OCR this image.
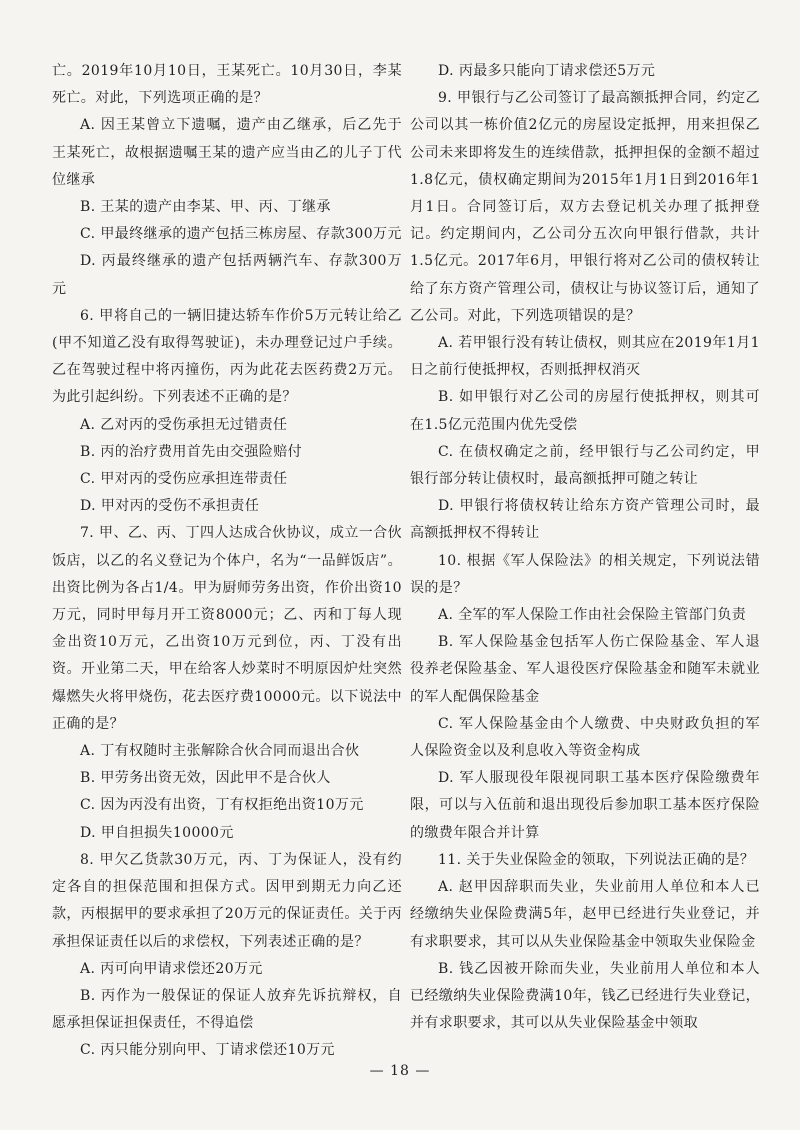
亡。2019年10月10日，王某死亡。10月30日，李某死亡。对此，下列选项正确的是？

A. 因王某曾立下遗嘱，遗产由乙继承，后乙先于王某死亡，故根据遗嘱王某的遗产应当由乙的儿子丁代位继承

B. 王某的遗产由李某、甲、丙、丁继承

C. 甲最终继承的遗产包括三栋房屋、存款300万元

D. 丙最终继承的遗产包括两辆汽车、存款300万元

6. 甲将自己的一辆旧捷达轿车作价5万元转让给乙(甲不知道乙没有取得驾驶证)，未办理登记过户手续。乙在驾驶过程中将丙撞伤，丙为此花去医药费2万元。为此引起纠纷。下列表述不正确的是？

A. 乙对丙的受伤承担无过错责任

B. 丙的治疗费用首先由交强险赔付

C. 甲对丙的受伤应承担连带责任

D. 甲对丙的受伤不承担责任

7. 甲、乙、丙、丁四人达成合伙协议，成立一合伙饭店，以乙的名义登记为个体户，名为“一品鲜饭店”。出资比例为各占1/4。甲为厨师劳务出资，作价出资10万元，同时甲每月开工资8000元；乙、丙和丁每人现金出资10万元，乙出资10万元到位，丙、丁没有出资。开业第二天，甲在给客人炒菜时不明原因炉灶突然爆燃失火将甲烧伤，花去医疗费10000元。以下说法中正确的是？

A. 丁有权随时主张解除合伙合同而退出合伙

B. 甲劳务出资无效，因此甲不是合伙人

C. 因为丙没有出资，丁有权拒绝出资10万元

D. 甲自担损失10000元

8. 甲欠乙货款30万元，丙、丁为保证人，没有约定各自的担保范围和担保方式。因甲到期无力向乙还款，丙根据甲的要求承担了20万元的保证责任。关于丙承担保证责任以后的求偿权，下列表述正确的是？

A. 丙可向甲请求偿还20万元

B. 丙作为一般保证的保证人放弃先诉抗辩权，自愿承担保证担保责任，不得追偿

C. 丙只能分别向甲、丁请求偿还10万元

D. 丙最多只能向丁请求偿还5万元

9. 甲银行与乙公司签订了最高额抵押合同，约定乙公司以其一栋价值2亿元的房屋设定抵押，用来担保乙公司未来即将发生的连续借款，抵押担保的金额不超过1.8亿元，债权确定期间为2015年1月1日到2016年1月1日。合同签订后，双方去登记机关办理了抵押登记。约定期间内，乙公司分五次向甲银行借款，共计1.5亿元。2017年6月，甲银行将对乙公司的债权转让给了东方资产管理公司，债权让与协议签订后，通知了乙公司。对此，下列选项错误的是？

A. 若甲银行没有转让债权，则其应在2019年1月1日之前行使抵押权，否则抵押权消灭

B. 如甲银行对乙公司的房屋行使抵押权，则其可在1.5亿元范围内优先受偿

C. 在债权确定之前，经甲银行与乙公司约定，甲银行部分转让债权时，最高额抵押可随之转让

D. 甲银行将债权转让给东方资产管理公司时，最高额抵押权不得转让

10. 根据《军人保险法》的相关规定，下列说法错误的是？

A. 全军的军人保险工作由社会保险主管部门负责

B. 军人保险基金包括军人伤亡保险基金、军人退役养老保险基金、军人退役医疗保险基金和随军未就业的军人配偶保险基金

C. 军人保险基金由个人缴费、中央财政负担的军人保险资金以及利息收入等资金构成

D. 军人服现役年限视同职工基本医疗保险缴费年限，可以与入伍前和退出现役后参加职工基本医疗保险的缴费年限合并计算

11. 关于失业保险金的领取，下列说法正确的是？

A. 赵甲因辞职而失业，失业前用人单位和本人已经缴纳失业保险费满5年，赵甲已经进行失业登记，并有求职要求，其可以从失业保险基金中领取失业保险金

B. 钱乙因被开除而失业，失业前用人单位和本人已经缴纳失业保险费满10年，钱乙已经进行失业登记，并有求职要求，其可以从失业保险基金中领取

— 18 —
